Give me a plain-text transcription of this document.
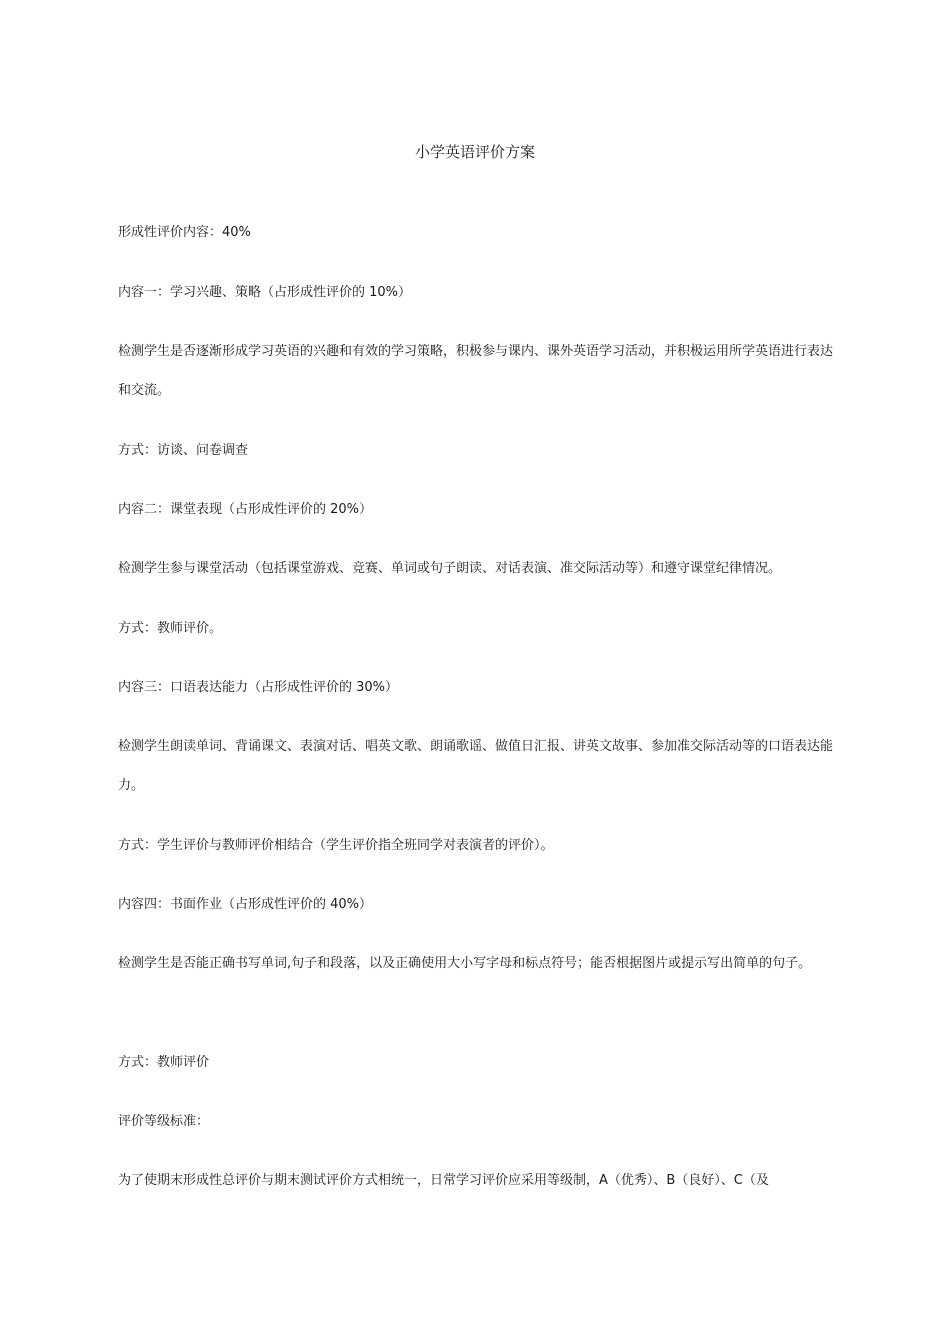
小学英语评价方案
形成性评价内容：40%
内容一：学习兴趣、策略（占形成性评价的 10%）
检测学生是否逐渐形成学习英语的兴趣和有效的学习策略，积极参与课内、课外英语学习活动，并积极运用所学英语进行表达和交流。
方式：访谈、问卷调查
内容二：课堂表现（占形成性评价的 20%）
检测学生参与课堂活动（包括课堂游戏、竞赛、单词或句子朗读、对话表演、准交际活动等）和遵守课堂纪律情况。
方式：教师评价。
内容三：口语表达能力（占形成性评价的 30%）
检测学生朗读单词、背诵课文、表演对话、唱英文歌、朗诵歌谣、做值日汇报、讲英文故事、参加准交际活动等的口语表达能力。
方式：学生评价与教师评价相结合（学生评价指全班同学对表演者的评价）。
内容四：书面作业（占形成性评价的 40%）
检测学生是否能正确书写单词,句子和段落，以及正确使用大小写字母和标点符号；能否根据图片或提示写出简单的句子。
方式：教师评价
评价等级标准：
为了使期末形成性总评价与期末测试评价方式相统一，日常学习评价应采用等级制，A（优秀）、B（良好）、C（及
